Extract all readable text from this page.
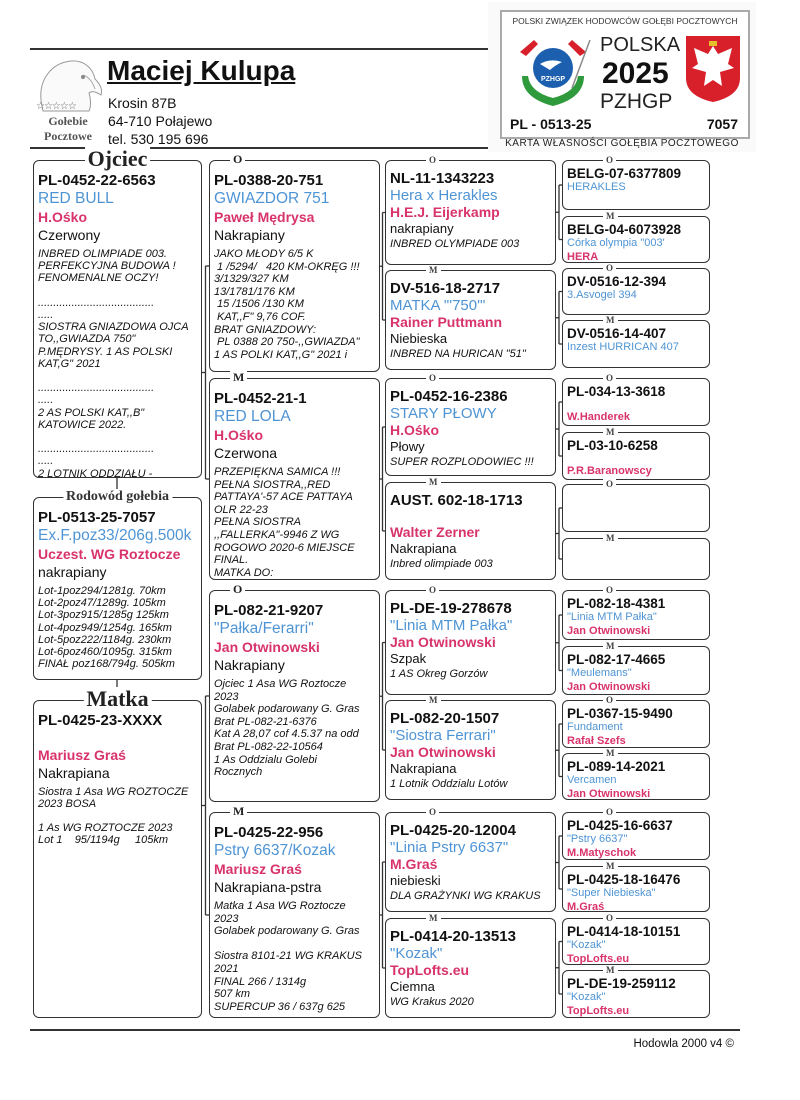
☆☆☆☆☆
Gołebie
Pocztowe
Maciej Kulupa
Krosin 87B
64-710 Połajewo
tel. 530 195 696
POLSKI ZWIĄZEK HODOWCÓW GOŁĘBI POCZTOWYCH
PZHGP
POLSKA
2025
PZHGP
PL - 0513-25	7057
KARTA WŁASNOŚCI GOŁĘBIA POCZTOWEGO
Ojciec
PL-0452-22-6563
RED BULL
H.Ośko
Czerwony
INBRED OLIMPIADE 003.
PERFEKCYJNA BUDOWA !
FENOMENALNE OCZY!
......................................
.....
SIOSTRA GNIAZDOWA OJCA
TO,,GWIAZDA 750"
P.MĘDRYSY. 1 AS POLSKI
KAT,G" 2021
......................................
.....
2 AS POLSKI KAT,,B"
KATOWICE 2022.
......................................
.....
2 LOTNIK ODDZIAŁU -
Rodowód gołebia
PL-0513-25-7057
Ex.F.poz33/206g.500k
Uczest. WG Roztocze
nakrapiany
Lot-1poz294/1281g. 70km
Lot-2poz47/1289g. 105km
Lot-3poz915/1285g 125km
Lot-4poz949/1254g. 165km
Lot-5poz222/1184g. 230km
Lot-6poz460/1095g. 315km
FINAŁ poz168/794g. 505km
Matka
PL-0425-23-XXXX
Mariusz Graś
Nakrapiana
Siostra 1 Asa WG ROZTOCZE
2023 BOSA
1 As WG ROZTOCZE 2023
Lot 1    95/1194g     105km
O
PL-0388-20-751
GWIAZDOR 751
Paweł Mędrysa
Nakrapiany
JAKO MŁODY 6/5 K
1 /5294/   420 KM-OKRĘG !!!
3/1329/327 KM
13/1781/176 KM
15 /1506 /130 KM
KAT,,F" 9,76 COF.
BRAT GNIAZDOWY:
PL 0388 20 750-,,GWIAZDA"
1 AS POLKI KAT,,G" 2021 i
M
PL-0452-21-1
RED LOLA
H.Ośko
Czerwona
PRZEPIĘKNA SAMICA !!!
PEŁNA SIOSTRA,,RED
PATTAYA'-57 ACE PATTAYA
OLR 22-23
PEŁNA SIOSTRA
,,FALLERKA"-9946 Z WG
ROGOWO 2020-6 MIEJSCE
FINAL.
MATKA DO:
O
PL-082-21-9207
"Pałka/Ferarri"
Jan Otwinowski
Nakrapiany
Ojciec 1 Asa WG Roztocze
2023
Golabek podarowany G. Gras
Brat PL-082-21-6376
Kat A 28,07 cof 4.5.37 na odd
Brat PL-082-22-10564
1 As Oddzialu Golebi
Rocznych
M
PL-0425-22-956
Pstry 6637/Kozak
Mariusz Graś
Nakrapiana-pstra
Matka 1 Asa WG Roztocze
2023
Golabek podarowany G. Gras
Siostra 8101-21 WG KRAKUS
2021
FINAL 266 / 1314g
507 km
SUPERCUP 36 / 637g 625
O
NL-11-1343223
Hera x Herakles
H.E.J. Eijerkamp
nakrapiany
INBRED OLYMPIADE 003
M
DV-516-18-2717
MATKA "'750'"
Rainer Puttmann
Niebieska
INBRED NA HURICAN "51"
O
PL-0452-16-2386
STARY PŁOWY
H.Ośko
Płowy
SUPER ROZPLODOWIEC !!!
M
AUST. 602-18-1713
Walter Zerner
Nakrapiana
Inbred olimpiade 003
O
PL-DE-19-278678
"Linia MTM Pałka"
Jan Otwinowski
Szpak
1 AS Okreg Gorzów
M
PL-082-20-1507
"Siostra Ferrari"
Jan Otwinowski
Nakrapiana
1 Lotnik Oddzialu Lotów
O
PL-0425-20-12004
"Linia Pstry 6637"
M.Graś
niebieski
DLA GRAŻYNKI WG KRAKUS
M
PL-0414-20-13513
"Kozak"
TopLofts.eu
Ciemna
WG Krakus 2020
O
BELG-07-6377809
HERAKLES
M
BELG-04-6073928
Córka olympia "003'
HERA
O
DV-0516-12-394
3.Asvogel 394
M
DV-0516-14-407
Inzest HURRICAN 407
O
PL-034-13-3618
W.Handerek
M
PL-03-10-6258
P.R.Baranowscy
O
M
O
PL-082-18-4381
"Linia MTM Pałka"
Jan Otwinowski
M
PL-082-17-4665
"Meulemans"
Jan Otwinowski
O
PL-0367-15-9490
Fundament
Rafał Szefs
M
PL-089-14-2021
Vercamen
Jan Otwinowski
O
PL-0425-16-6637
"Pstry 6637"
M.Matyschok
M
PL-0425-18-16476
"Super Niebieska"
M.Graś
O
PL-0414-18-10151
"Kozak"
TopLofts.eu
M
PL-DE-19-259112
"Kozak"
TopLofts.eu
Hodowla 2000 v4 ©
